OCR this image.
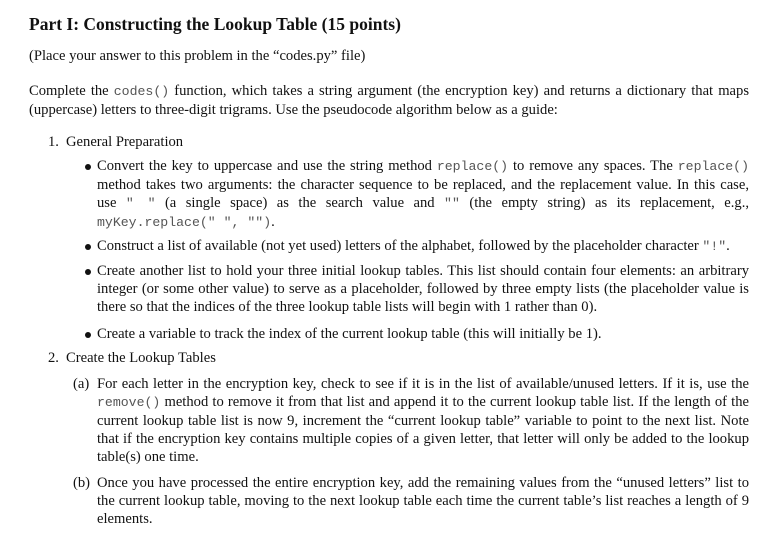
Part I: Constructing the Lookup Table (15 points)

(Place your answer to this problem in the “codes.py” file)

Complete the codes() function, which takes a string argument (the encryption key) and returns a dictionary that maps (uppercase) letters to three-digit trigrams. Use the pseudocode algorithm below as a guide:

1. General Preparation

Convert the key to uppercase and use the string method replace() to remove any spaces. The replace() method takes two arguments: the character sequence to be replaced, and the replacement value. In this case, use " " (a single space) as the search value and "" (the empty string) as its replacement, e.g., myKey.replace(" ", "").

Construct a list of available (not yet used) letters of the alphabet, followed by the placeholder character "!".

Create another list to hold your three initial lookup tables. This list should contain four elements: an arbitrary integer (or some other value) to serve as a placeholder, followed by three empty lists (the placeholder value is there so that the indices of the three lookup table lists will begin with 1 rather than 0).

Create a variable to track the index of the current lookup table (this will initially be 1).

2. Create the Lookup Tables
(a) For each letter in the encryption key, check to see if it is in the list of available/unused letters. If it is, use the remove() method to remove it from that list and append it to the current lookup table list. If the length of the current lookup table list is now 9, increment the “current lookup table” variable to point to the next list. Note that if the encryption key contains multiple copies of a given letter, that letter will only be added to the lookup table(s) one time.

(b) Once you have processed the entire encryption key, add the remaining values from the “unused letters” list to the current lookup table, moving to the next lookup table each time the current table’s list reaches a length of 9 elements.
